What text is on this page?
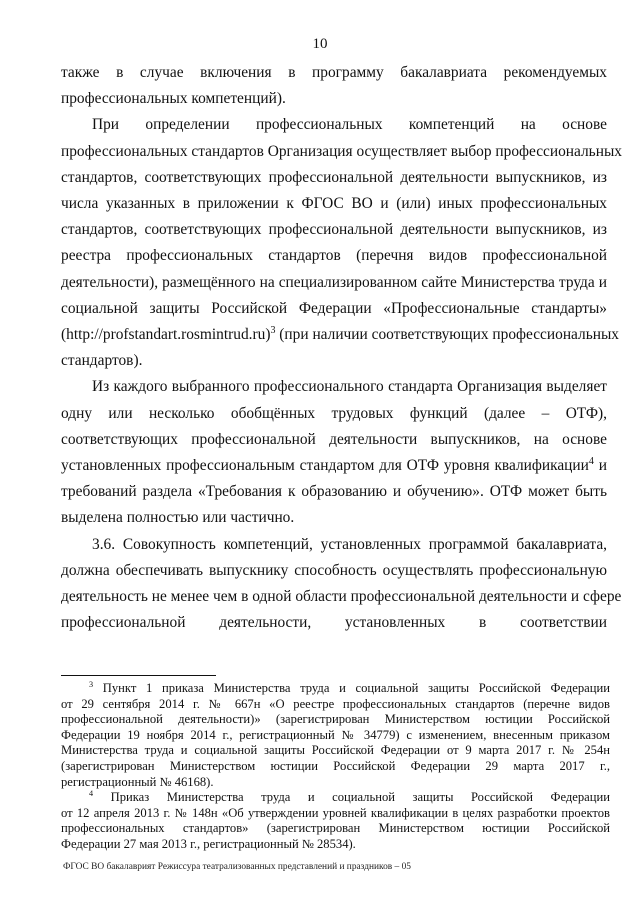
10
также в случае включения в программу бакалавриата рекомендуемых
профессиональных компетенций).
При определении профессиональных компетенций на основе
профессиональных стандартов Организация осуществляет выбор профессиональных
стандартов, соответствующих профессиональной деятельности выпускников, из
числа указанных в приложении к ФГОС ВО и (или) иных профессиональных
стандартов, соответствующих профессиональной деятельности выпускников, из
реестра профессиональных стандартов (перечня видов профессиональной
деятельности), размещённого на специализированном сайте Министерства труда и
социальной защиты Российской Федерации «Профессиональные стандарты»
(http://profstandart.rosmintrud.ru)$^3$ (при наличии соответствующих профессиональных
стандартов).
Из каждого выбранного профессионального стандарта Организация выделяет
одну или несколько обобщённых трудовых функций (далее – ОТФ),
соответствующих профессиональной деятельности выпускников, на основе
установленных профессиональным стандартом для ОТФ уровня квалификации$^4$ и
требований раздела «Требования к образованию и обучению». ОТФ может быть
выделена полностью или частично.
3.6. Совокупность компетенций, установленных программой бакалавриата,
должна обеспечивать выпускнику способность осуществлять профессиональную
деятельность не менее чем в одной области профессиональной деятельности и сфере
профессиональной деятельности, установленных в соответствии
$^3$ Пункт 1 приказа Министерства труда и социальной защиты Российской Федерации
от 29 сентября 2014 г. № 667н «О реестре профессиональных стандартов (перечне видов
профессиональной деятельности)» (зарегистрирован Министерством юстиции Российской
Федерации 19 ноября 2014 г., регистрационный № 34779) с изменением, внесенным приказом
Министерства труда и социальной защиты Российской Федерации от 9 марта 2017 г. № 254н
(зарегистрирован Министерством юстиции Российской Федерации 29 марта 2017 г.,
регистрационный № 46168).
$^4$ Приказ Министерства труда и социальной защиты Российской Федерации
от 12 апреля 2013 г. № 148н «Об утверждении уровней квалификации в целях разработки проектов
профессиональных стандартов» (зарегистрирован Министерством юстиции Российской
Федерации 27 мая 2013 г., регистрационный № 28534).
ФГОС ВО бакалаврият Режиссура театрализованных представлений и праздников – 05
